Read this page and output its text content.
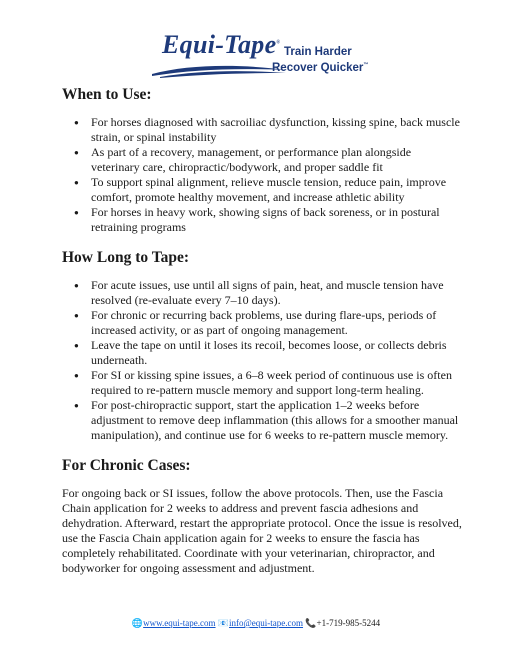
Equi-Tape®
Train Harder
Recover Quicker™
When to Use:
● For horses diagnosed with sacroiliac dysfunction, kissing spine, back muscle strain, or spinal instability
● As part of a recovery, management, or performance plan alongside veterinary care, chiropractic/bodywork, and proper saddle fit
● To support spinal alignment, relieve muscle tension, reduce pain, improve comfort, promote healthy movement, and increase athletic ability
● For horses in heavy work, showing signs of back soreness, or in postural retraining programs
How Long to Tape:
● For acute issues, use until all signs of pain, heat, and muscle tension have resolved (re-evaluate every 7–10 days).
● For chronic or recurring back problems, use during flare-ups, periods of increased activity, or as part of ongoing management.
● Leave the tape on until it loses its recoil, becomes loose, or collects debris underneath.
● For SI or kissing spine issues, a 6–8 week period of continuous use is often required to re-pattern muscle memory and support long-term healing.
● For post-chiropractic support, start the application 1–2 weeks before adjustment to remove deep inflammation (this allows for a smoother manual manipulation), and continue use for 6 weeks to re-pattern muscle memory.
For Chronic Cases:

For ongoing back or SI issues, follow the above protocols. Then, use the Fascia Chain application for 2 weeks to address and prevent fascia adhesions and dehydration. Afterward, restart the appropriate protocol. Once the issue is resolved, use the Fascia Chain application again for 2 weeks to ensure the fascia has completely rehabilitated. Coordinate with your veterinarian, chiropractor, and bodyworker for ongoing assessment and adjustment.

🌐www.equi-tape.com 📧info@equi-tape.com 📞+1-719-985-5244
